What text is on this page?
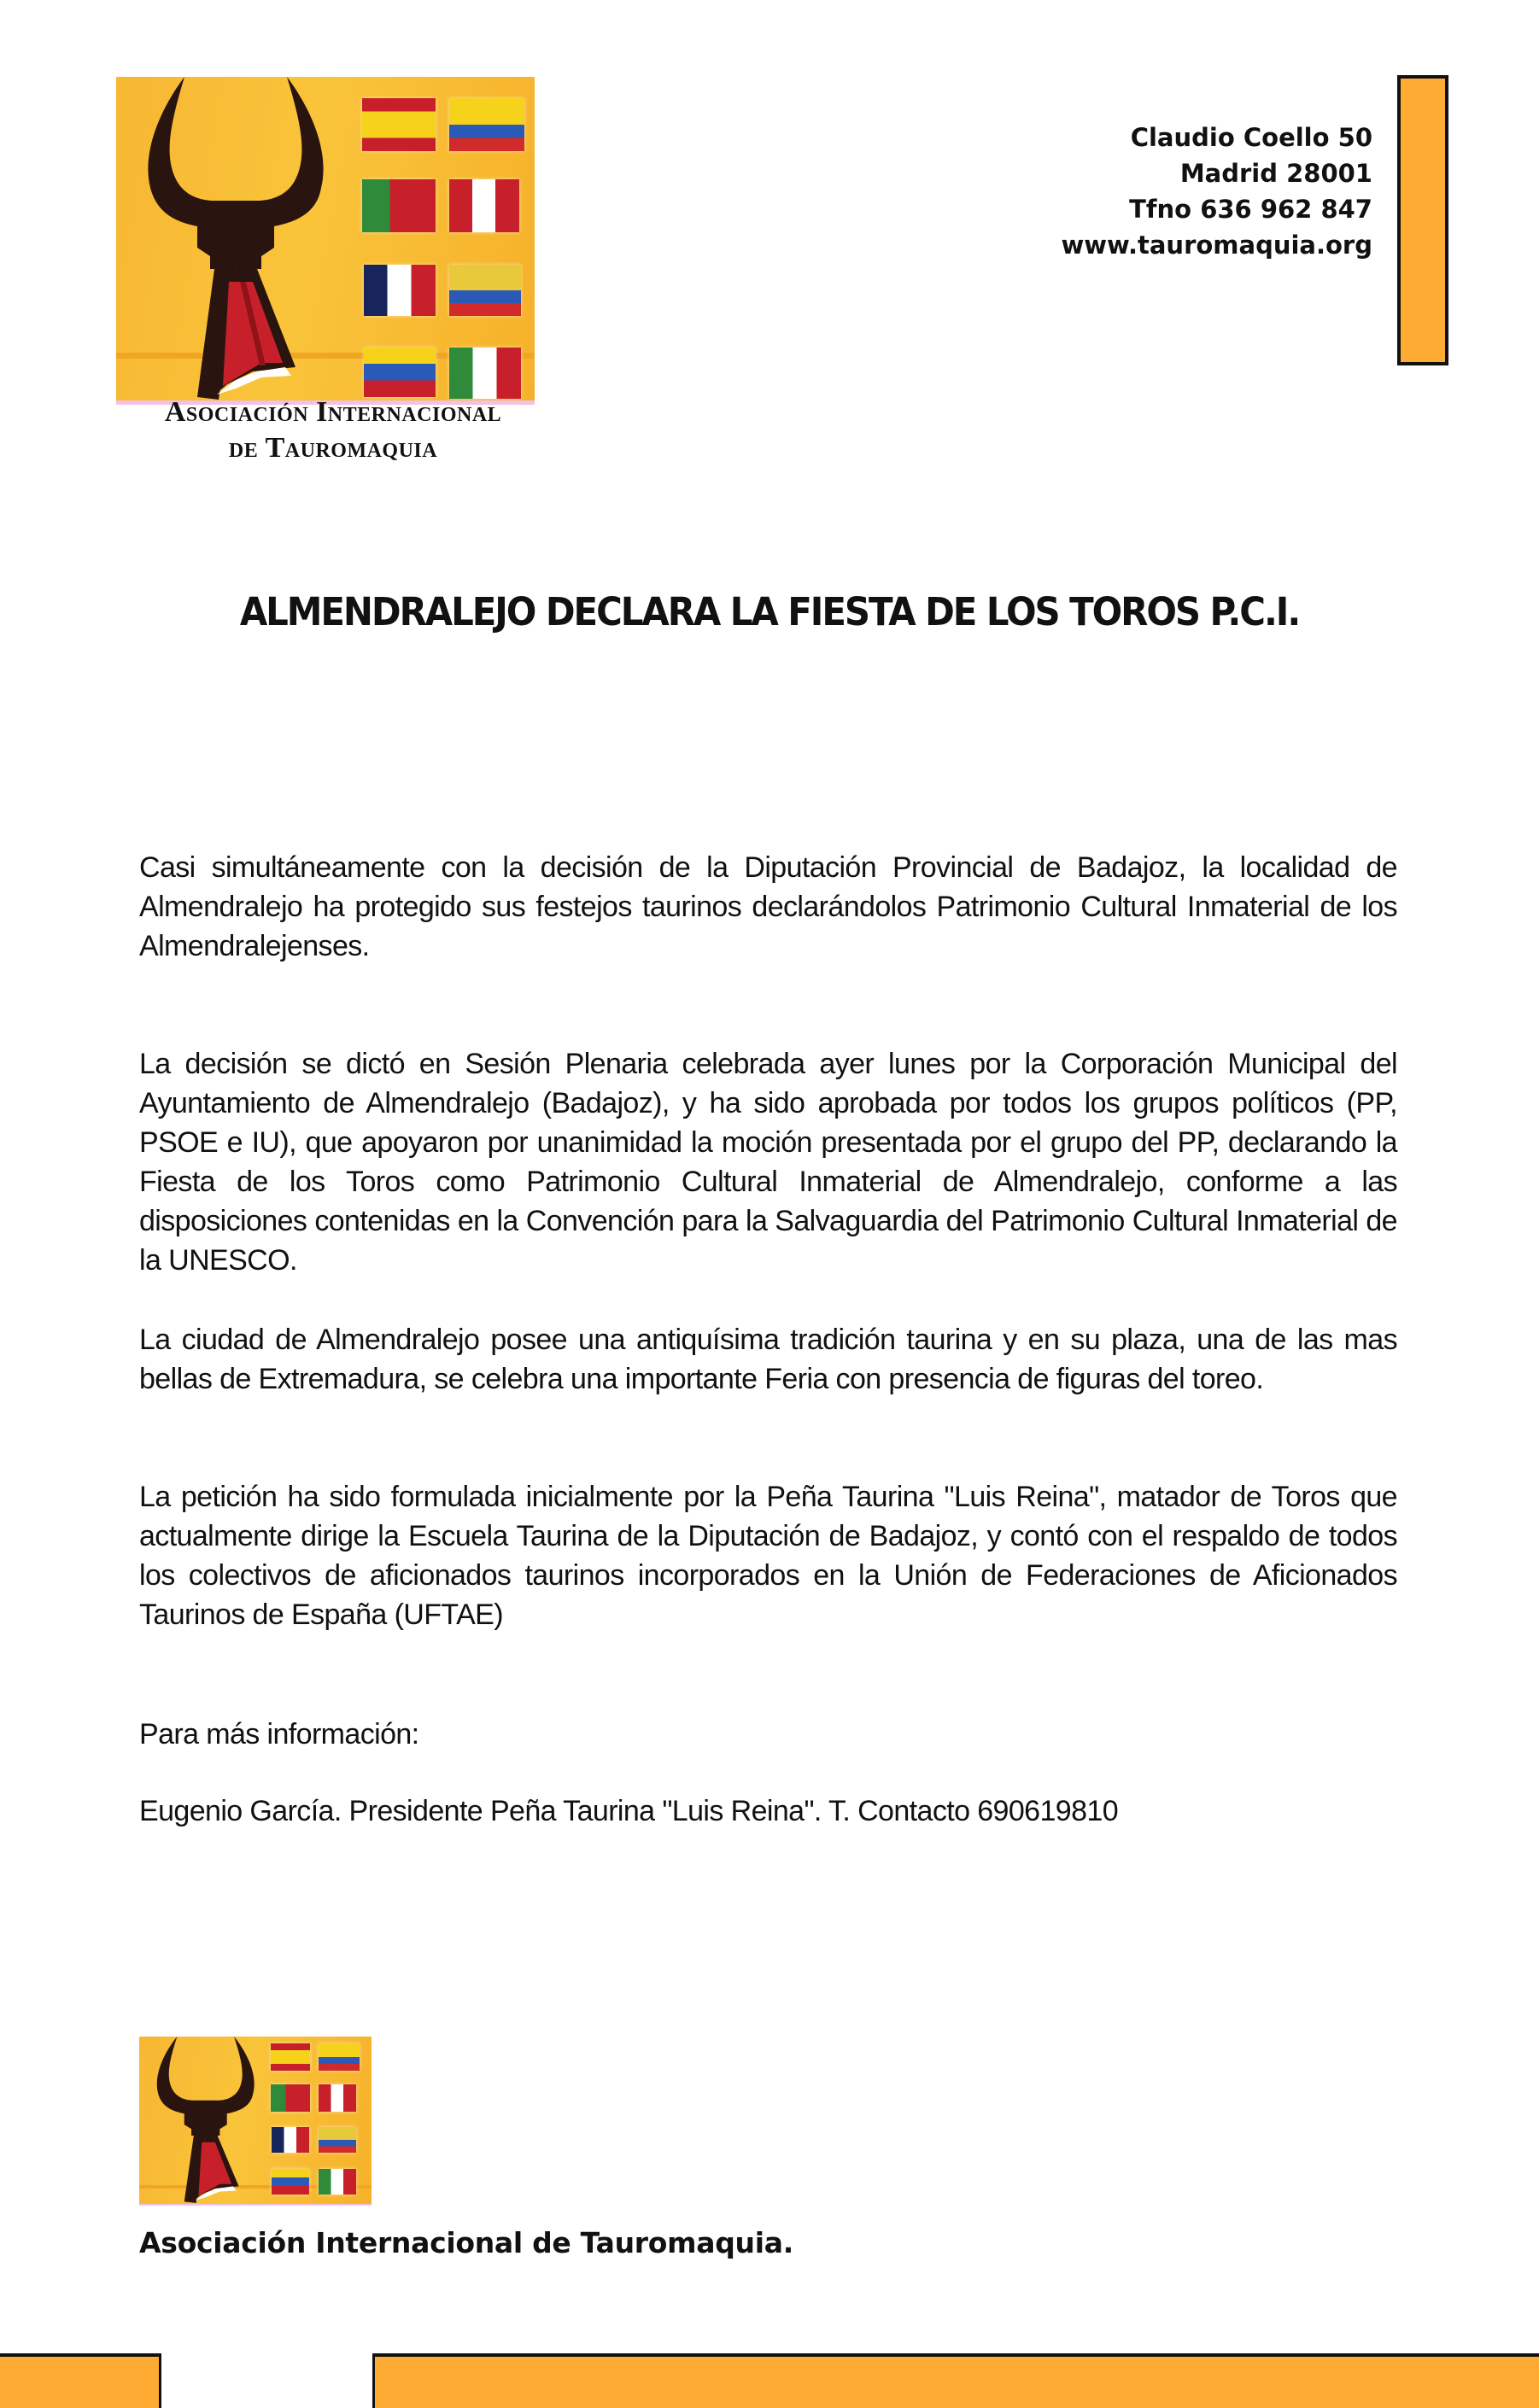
Asociación Internacional
de Tauromaquia
Claudio Coello 50
Madrid 28001
Tfno 636 962 847
www.tauromaquia.org
ALMENDRALEJO DECLARA LA FIESTA DE LOS TOROS P.C.I.
Casi simultáneamente con la decisión de la Diputación Provincial de Badajoz, la localidad de Almendralejo ha protegido sus festejos taurinos declarándolos Patrimonio Cultural Inmaterial de los Almendralejenses.
La decisión se dictó en Sesión Plenaria celebrada ayer lunes por la Corporación Municipal del Ayuntamiento de Almendralejo (Badajoz), y ha sido aprobada por todos los grupos políticos (PP, PSOE e IU), que apoyaron por unanimidad la moción presentada por el grupo del PP, declarando la Fiesta de los Toros como Patrimonio Cultural Inmaterial de Almendralejo, conforme a las disposiciones contenidas en la Convención para la Salvaguardia del Patrimonio Cultural Inmaterial de la UNESCO.
La ciudad de Almendralejo posee una antiquísima tradición taurina y en su plaza, una de las mas bellas de Extremadura, se celebra una importante Feria con presencia de figuras del toreo.
La petición ha sido formulada inicialmente por la Peña Taurina "Luis Reina", matador de Toros que actualmente dirige la Escuela Taurina de la Diputación de Badajoz, y contó con el respaldo de todos los colectivos de aficionados taurinos incorporados en la Unión de Federaciones de Aficionados Taurinos de España (UFTAE)
Para más información:
Eugenio García. Presidente Peña Taurina "Luis Reina". T. Contacto 690619810
Asociación Internacional de Tauromaquia.
